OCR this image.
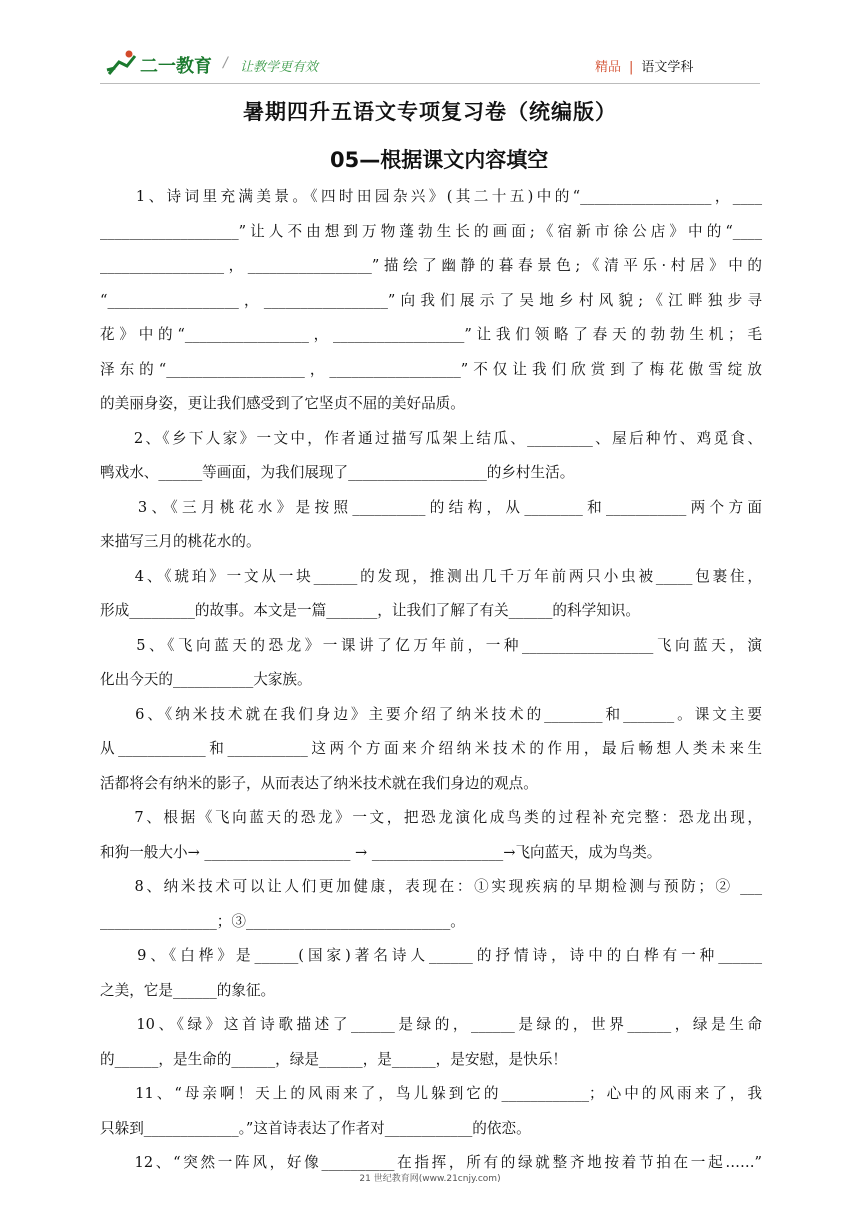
二一教育 / 让教学更有效	精品 | 语文学科
暑期四升五语文专项复习卷（统编版）
05—根据课文内容填空
　　1、诗词里充满美景。《四时田园杂兴》(其二十五)中的“__________________，____
___________________”让人不由想到万物蓬勃生长的画面;《宿新市徐公店》中的“____
_________________，_________________”描绘了幽静的暮春景色;《清平乐·村居》中的
“__________________，_________________”向我们展示了吴地乡村风貌;《江畔独步寻
花》中的“_________________，__________________”让我们领略了春天的勃勃生机；毛
泽东的“___________________，__________________”不仅让我们欣赏到了梅花傲雪绽放
的美丽身姿，更让我们感受到了它坚贞不屈的美好品质。
　　2、《乡下人家》一文中，作者通过描写瓜架上结瓜、_________、屋后种竹、鸡觅食、
鸭戏水、______等画面，为我们展现了___________________的乡村生活。
　　3、《三月桃花水》是按照__________的结构，从________和___________两个方面
来描写三月的桃花水的。
　　4、《琥珀》一文从一块______的发现，推测出几千万年前两只小虫被_____包裹住，
形成_________的故事。本文是一篇_______，让我们了解了有关______的科学知识。
　　5、《飞向蓝天的恐龙》一课讲了亿万年前，一种__________________飞向蓝天，演
化出今天的___________大家族。
　　6、《纳米技术就在我们身边》主要介绍了纳米技术的________和_______。课文主要
从____________和___________这两个方面来介绍纳米技术的作用，最后畅想人类未来生
活都将会有纳米的影子，从而表达了纳米技术就在我们身边的观点。
　　7、根据《飞向蓝天的恐龙》一文，把恐龙演化成鸟类的过程补充完整：恐龙出现，
和狗一般大小→ ____________________ → __________________→飞向蓝天，成为鸟类。
　　8、纳米技术可以让人们更加健康，表现在：①实现疾病的早期检测与预防；② ___
________________；③____________________________。
　　9、《白桦》是______(国家)著名诗人______的抒情诗，诗中的白桦有一种______
之美，它是______的象征。
　　10、《绿》这首诗歌描述了______是绿的，______是绿的，世界______，绿是生命
的______，是生命的______，绿是______，是______，是安慰，是快乐！
　　11、“母亲啊！天上的风雨来了，鸟儿躲到它的____________；心中的风雨来了，我
只躲到_____________。”这首诗表达了作者对____________的依恋。
　　12、“突然一阵风，好像__________在指挥，所有的绿就整齐地按着节拍在一起……”
21 世纪教育网(www.21cnjy.com)
